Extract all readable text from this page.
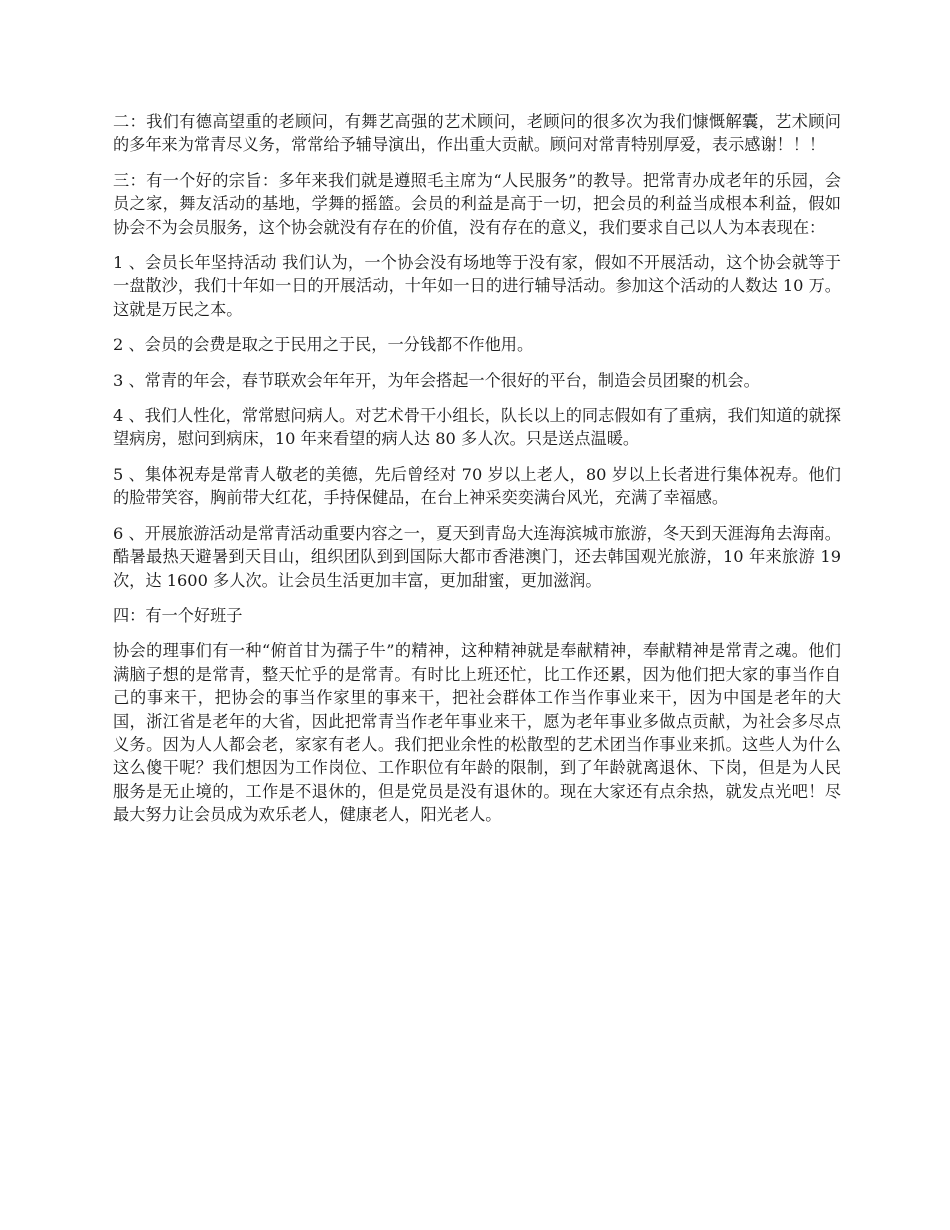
二：我们有德高望重的老顾问，有舞艺高强的艺术顾问，老顾问的很多次为我们慷慨解囊，艺术顾问的多年来为常青尽义务，常常给予辅导演出，作出重大贡献。顾问对常青特别厚爱，表示感谢！！！

三：有一个好的宗旨：多年来我们就是遵照毛主席为“人民服务”的教导。把常青办成老年的乐园，会员之家，舞友活动的基地，学舞的摇篮。会员的利益是高于一切，把会员的利益当成根本利益，假如协会不为会员服务，这个协会就没有存在的价值，没有存在的意义，我们要求自己以人为本表现在：

1 、会员长年坚持活动 我们认为，一个协会没有场地等于没有家，假如不开展活动，这个协会就等于一盘散沙，我们十年如一日的开展活动，十年如一日的进行辅导活动。参加这个活动的人数达 10 万。这就是万民之本。

2 、会员的会费是取之于民用之于民，一分钱都不作他用。

3 、常青的年会，春节联欢会年年开，为年会搭起一个很好的平台，制造会员团聚的机会。

4 、我们人性化，常常慰问病人。对艺术骨干小组长，队长以上的同志假如有了重病，我们知道的就探望病房，慰问到病床，10 年来看望的病人达 80 多人次。只是送点温暖。

5 、集体祝寿是常青人敬老的美德，先后曾经对 70 岁以上老人，80 岁以上长者进行集体祝寿。他们的脸带笑容，胸前带大红花，手持保健品，在台上神采奕奕满台风光，充满了幸福感。

6 、开展旅游活动是常青活动重要内容之一，夏天到青岛大连海滨城市旅游，冬天到天涯海角去海南。酷暑最热天避暑到天目山，组织团队到到国际大都市香港澳门，还去韩国观光旅游，10 年来旅游 19 次，达 1600 多人次。让会员生活更加丰富，更加甜蜜，更加滋润。

四：有一个好班子

协会的理事们有一种“俯首甘为孺子牛”的精神，这种精神就是奉献精神，奉献精神是常青之魂。他们满脑子想的是常青，整天忙乎的是常青。有时比上班还忙，比工作还累，因为他们把大家的事当作自己的事来干，把协会的事当作家里的事来干，把社会群体工作当作事业来干，因为中国是老年的大国，浙江省是老年的大省，因此把常青当作老年事业来干，愿为老年事业多做点贡献，为社会多尽点义务。因为人人都会老，家家有老人。我们把业余性的松散型的艺术团当作事业来抓。这些人为什么这么傻干呢？我们想因为工作岗位、工作职位有年龄的限制，到了年龄就离退休、下岗，但是为人民服务是无止境的，工作是不退休的，但是党员是没有退休的。现在大家还有点余热，就发点光吧！尽最大努力让会员成为欢乐老人，健康老人，阳光老人。
